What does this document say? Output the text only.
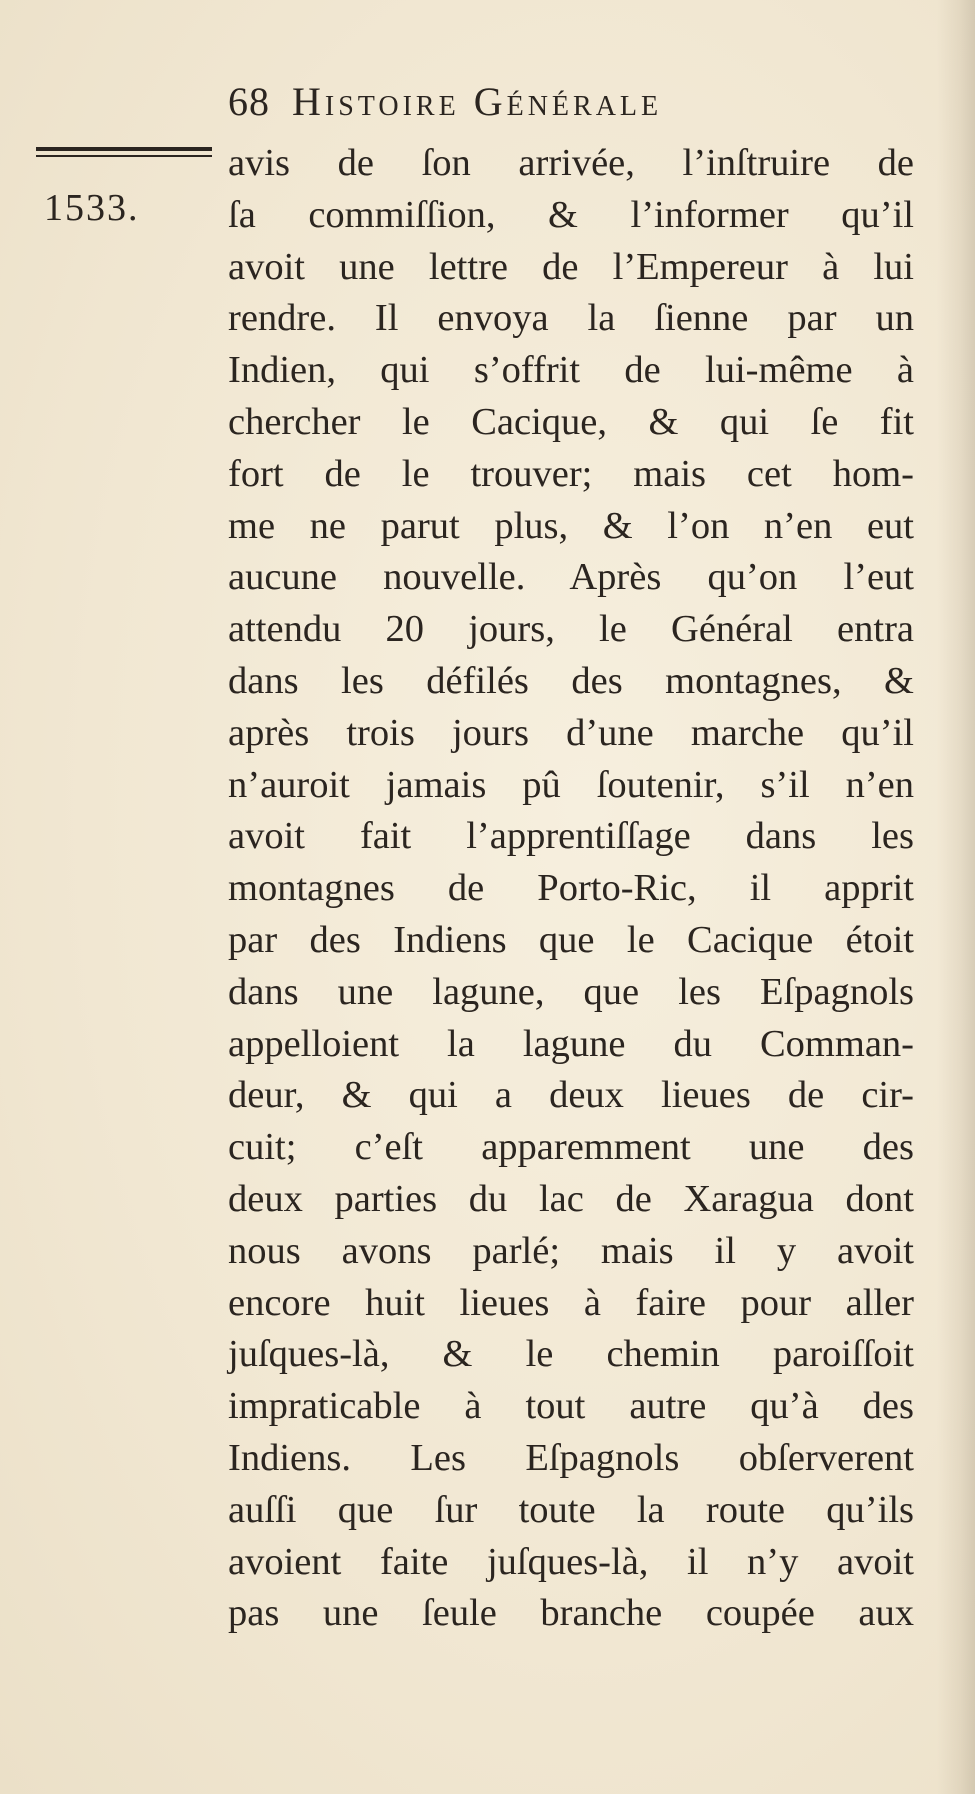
68 Histoire Générale
1533.
avis de ſon arrivée, l’inſtruire de
ſa commiſſion, & l’informer qu’il
avoit une lettre de l’Empereur à lui
rendre. Il envoya la ſienne par un
Indien, qui s’offrit de lui-même à
chercher le Cacique, & qui ſe fit
fort de le trouver; mais cet hom-
me ne parut plus, & l’on n’en eut
aucune nouvelle. Après qu’on l’eut
attendu 20 jours, le Général entra
dans les défilés des montagnes, &
après trois jours d’une marche qu’il
n’auroit jamais pû ſoutenir, s’il n’en
avoit fait l’apprentiſſage dans les
montagnes de Porto-Ric, il apprit
par des Indiens que le Cacique étoit
dans une lagune, que les Eſpagnols
appelloient la lagune du Comman-
deur, & qui a deux lieues de cir-
cuit; c’eſt apparemment une des
deux parties du lac de Xaragua dont
nous avons parlé; mais il y avoit
encore huit lieues à faire pour aller
juſques-là, & le chemin paroiſſoit
impraticable à tout autre qu’à des
Indiens. Les Eſpagnols obſerverent
auſſi que ſur toute la route qu’ils
avoient faite juſques-là, il n’y avoit
pas une ſeule branche coupée aux
